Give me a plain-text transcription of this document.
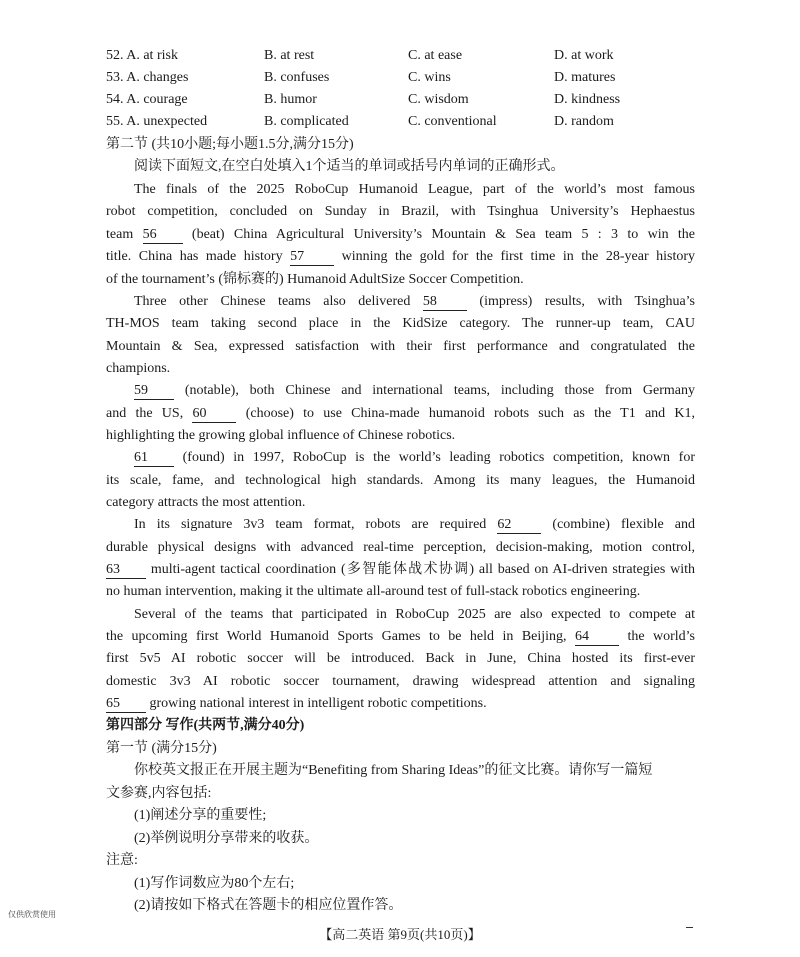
52. A. at risk	B. at rest	C. at ease	D. at work
53. A. changes	B. confuses	C. wins	D. matures
54. A. courage	B. humor	C. wisdom	D. kindness
55. A. unexpected	B. complicated	C. conventional	D. random
第二节 (共10小题;每小题1.5分,满分15分)
阅读下面短文,在空白处填入1个适当的单词或括号内单词的正确形式。
The finals of the 2025 RoboCup Humanoid League, part of the world’s most famous
robot competition, concluded on Sunday in Brazil, with Tsinghua University’s Hephaestus
team 56	(beat) China Agricultural University’s Mountain & Sea team 5 : 3 to win the
title. China has made history 57	winning the gold for the first time in the 28-year history
of the tournament’s (锦标赛的) Humanoid AdultSize Soccer Competition.
Three other Chinese teams also delivered 58	(impress) results, with Tsinghua’s
TH-MOS team taking second place in the KidSize category. The runner-up team, CAU
Mountain & Sea, expressed satisfaction with their first performance and congratulated the
champions.
59	(notable), both Chinese and international teams, including those from Germany
and the US, 60	(choose) to use China-made humanoid robots such as the T1 and K1,
highlighting the growing global influence of Chinese robotics.
61 (found) in 1997, RoboCup is the world’s leading robotics competition, known for
its scale, fame, and technological high standards. Among its many leagues, the Humanoid
category attracts the most attention.
In its signature 3v3 team format, robots are required 62	(combine) flexible and
durable physical designs with advanced real-time perception, decision-making, motion control,
63 multi-agent tactical coordination (多智能体战术协调) all based on AI-driven strategies with
no human intervention, making it the ultimate all-around test of full-stack robotics engineering.
Several of the teams that participated in RoboCup 2025 are also expected to compete at
the upcoming first World Humanoid Sports Games to be held in Beijing, 64	the world’s
first 5v5 AI robotic soccer will be introduced. Back in June, China hosted its first-ever
domestic 3v3 AI robotic soccer tournament, drawing widespread attention and signaling
65 growing national interest in intelligent robotic competitions.
第四部分 写作(共两节,满分40分)
第一节 (满分15分)
你校英文报正在开展主题为“Benefiting from Sharing Ideas”的征文比赛。请你写一篇短
文参赛,内容包括:
(1)阐述分享的重要性;
(2)举例说明分享带来的收获。
注意:
(1)写作词数应为80个左右;
(2)请按如下格式在答题卡的相应位置作答。
仅供欣赏使用
【高二英语 第9页(共10页)】
